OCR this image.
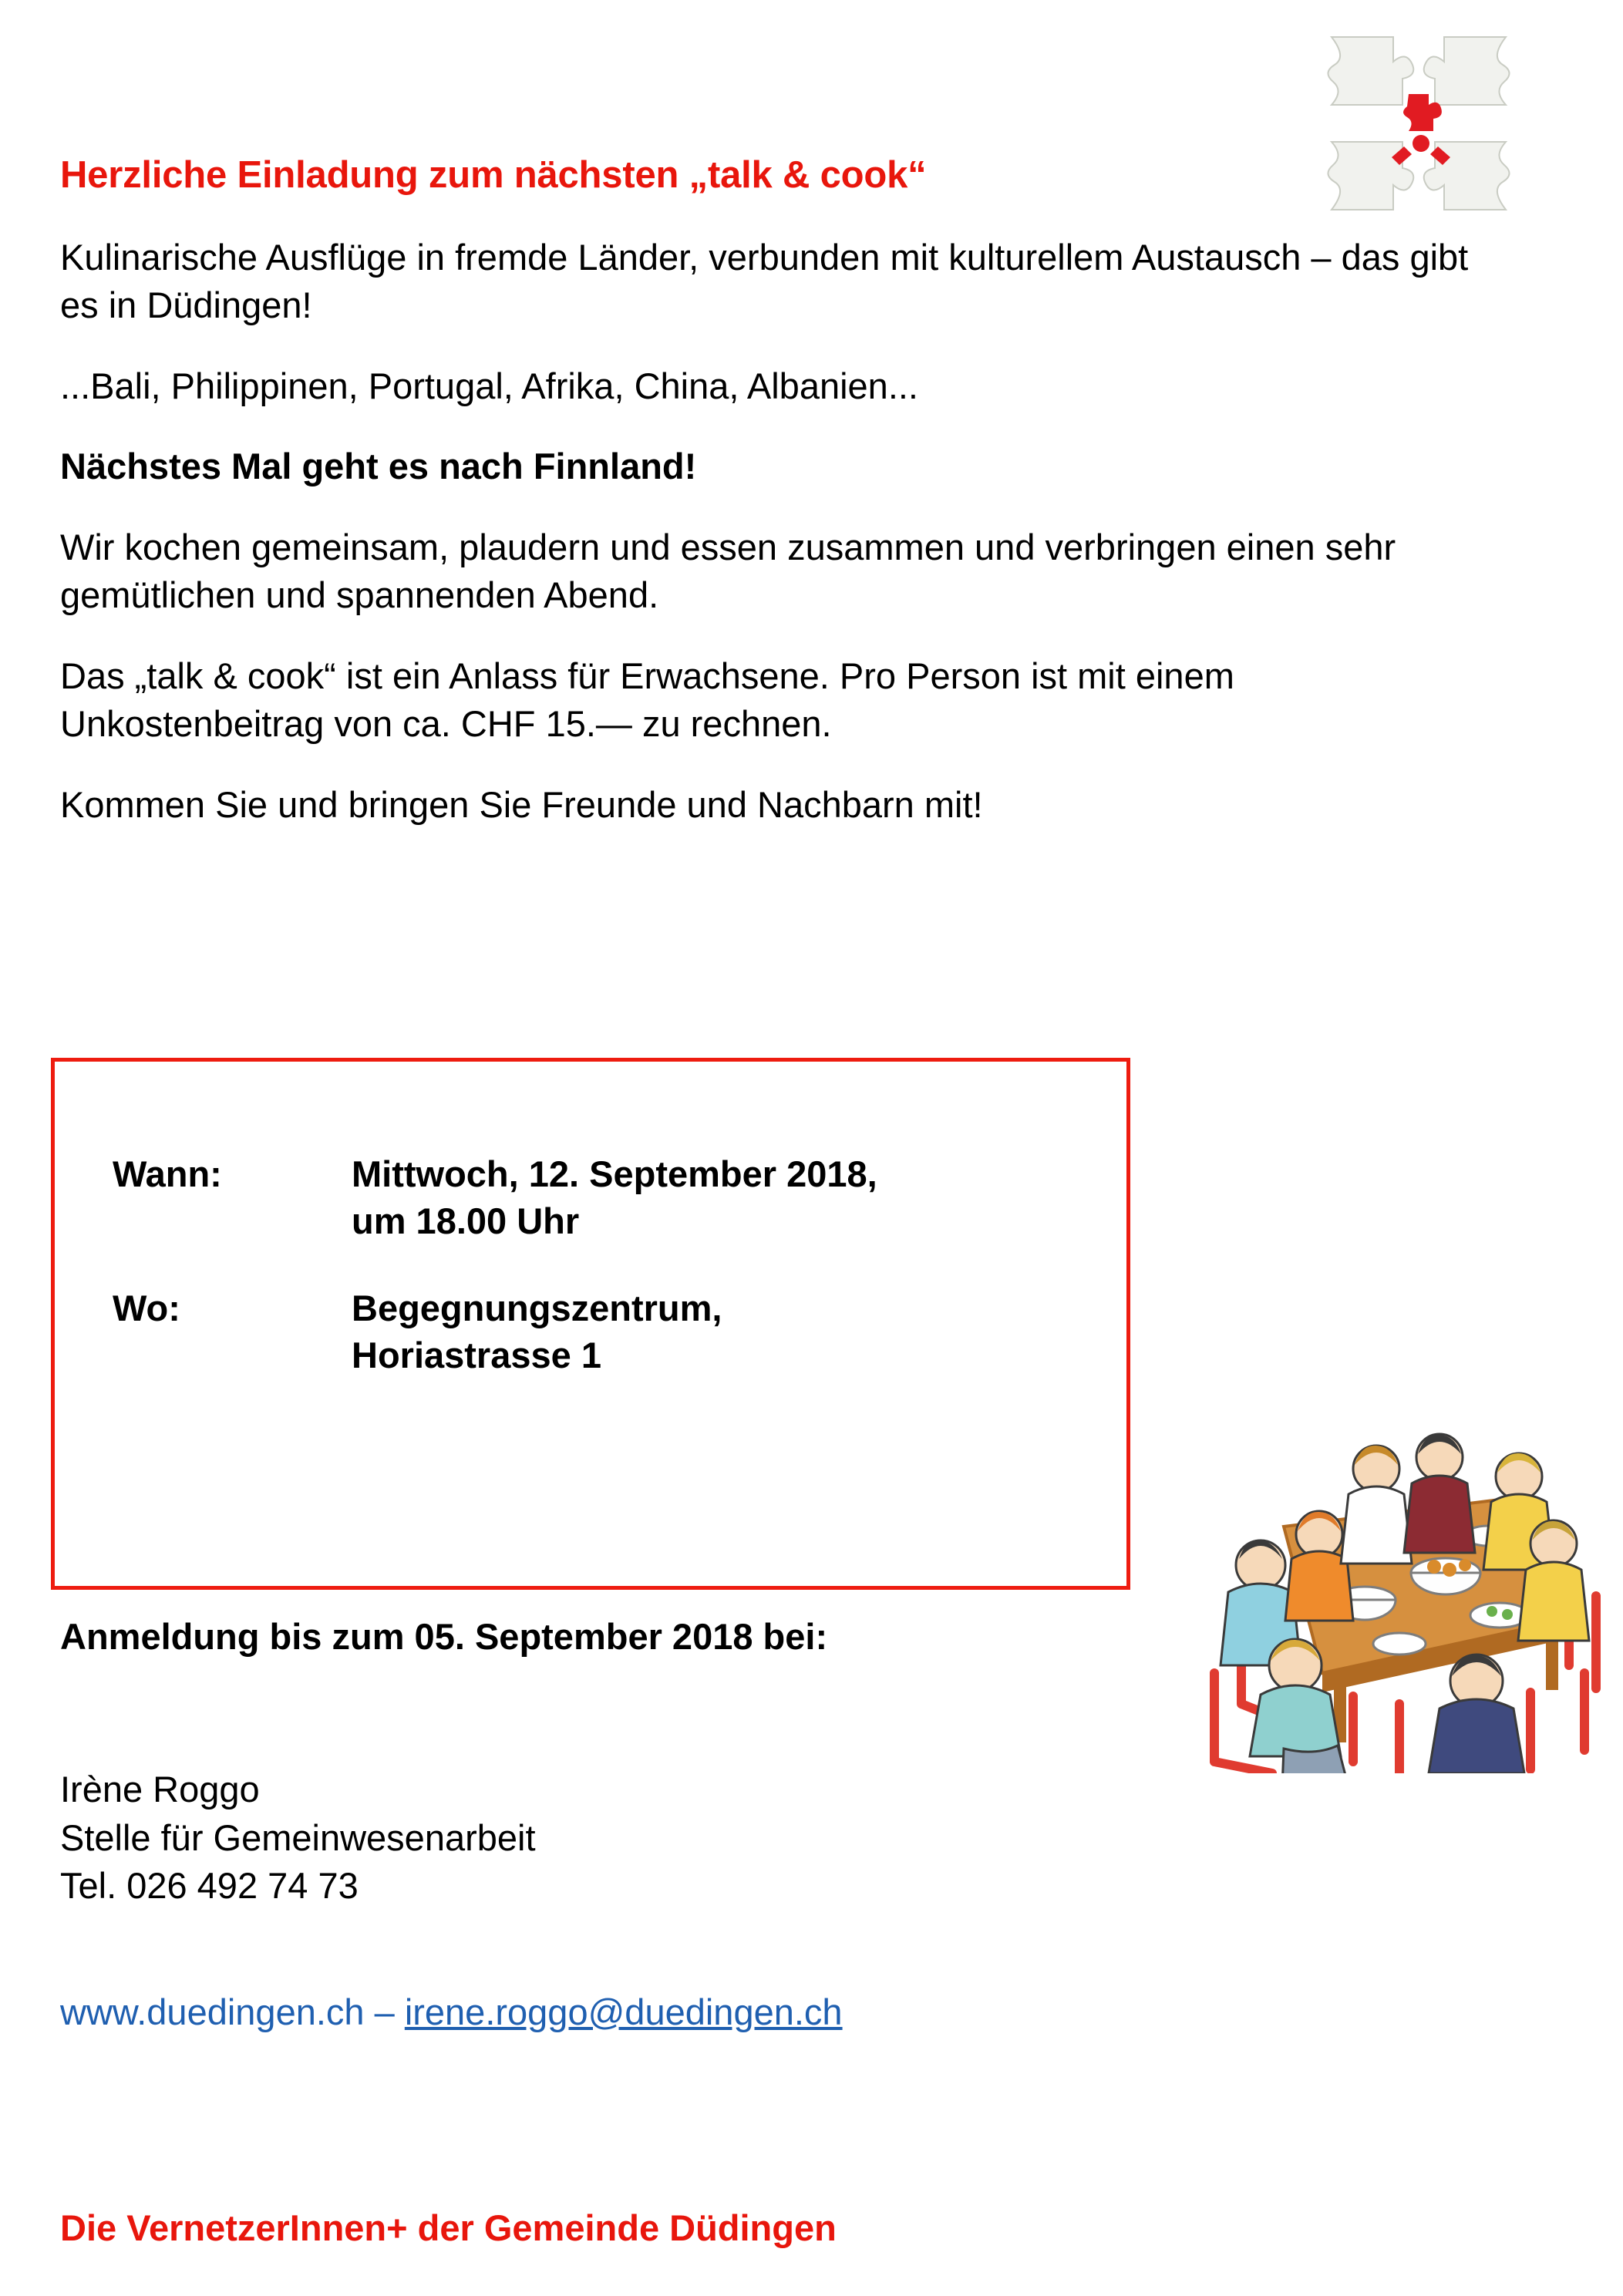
Herzliche Einladung zum nächsten „talk & cook“

Kulinarische Ausflüge in fremde Länder, verbunden mit kulturellem Austausch – das gibt es in Düdingen!

...Bali, Philippinen, Portugal, Afrika, China, Albanien...

Nächstes Mal geht es nach Finnland!

Wir kochen gemeinsam, plaudern und essen zusammen und verbringen einen sehr gemütlichen und spannenden Abend.

Das „talk & cook“ ist ein Anlass für Erwachsene. Pro Person ist mit einem Unkostenbeitrag von ca. CHF 15.— zu rechnen.

Kommen Sie und bringen Sie Freunde und Nachbarn mit!

Wann:	Mittwoch, 12. September 2018,
um 18.00 Uhr
Wo:	Begegnungszentrum,
Horiastrasse 1
Anmeldung bis zum 05. September 2018 bei:
Irène Roggo
Stelle für Gemeinwesenarbeit
Tel. 026 492 74 73
www.duedingen.ch – irene.roggo@duedingen.ch
Die VernetzerInnen+ der Gemeinde Düdingen
